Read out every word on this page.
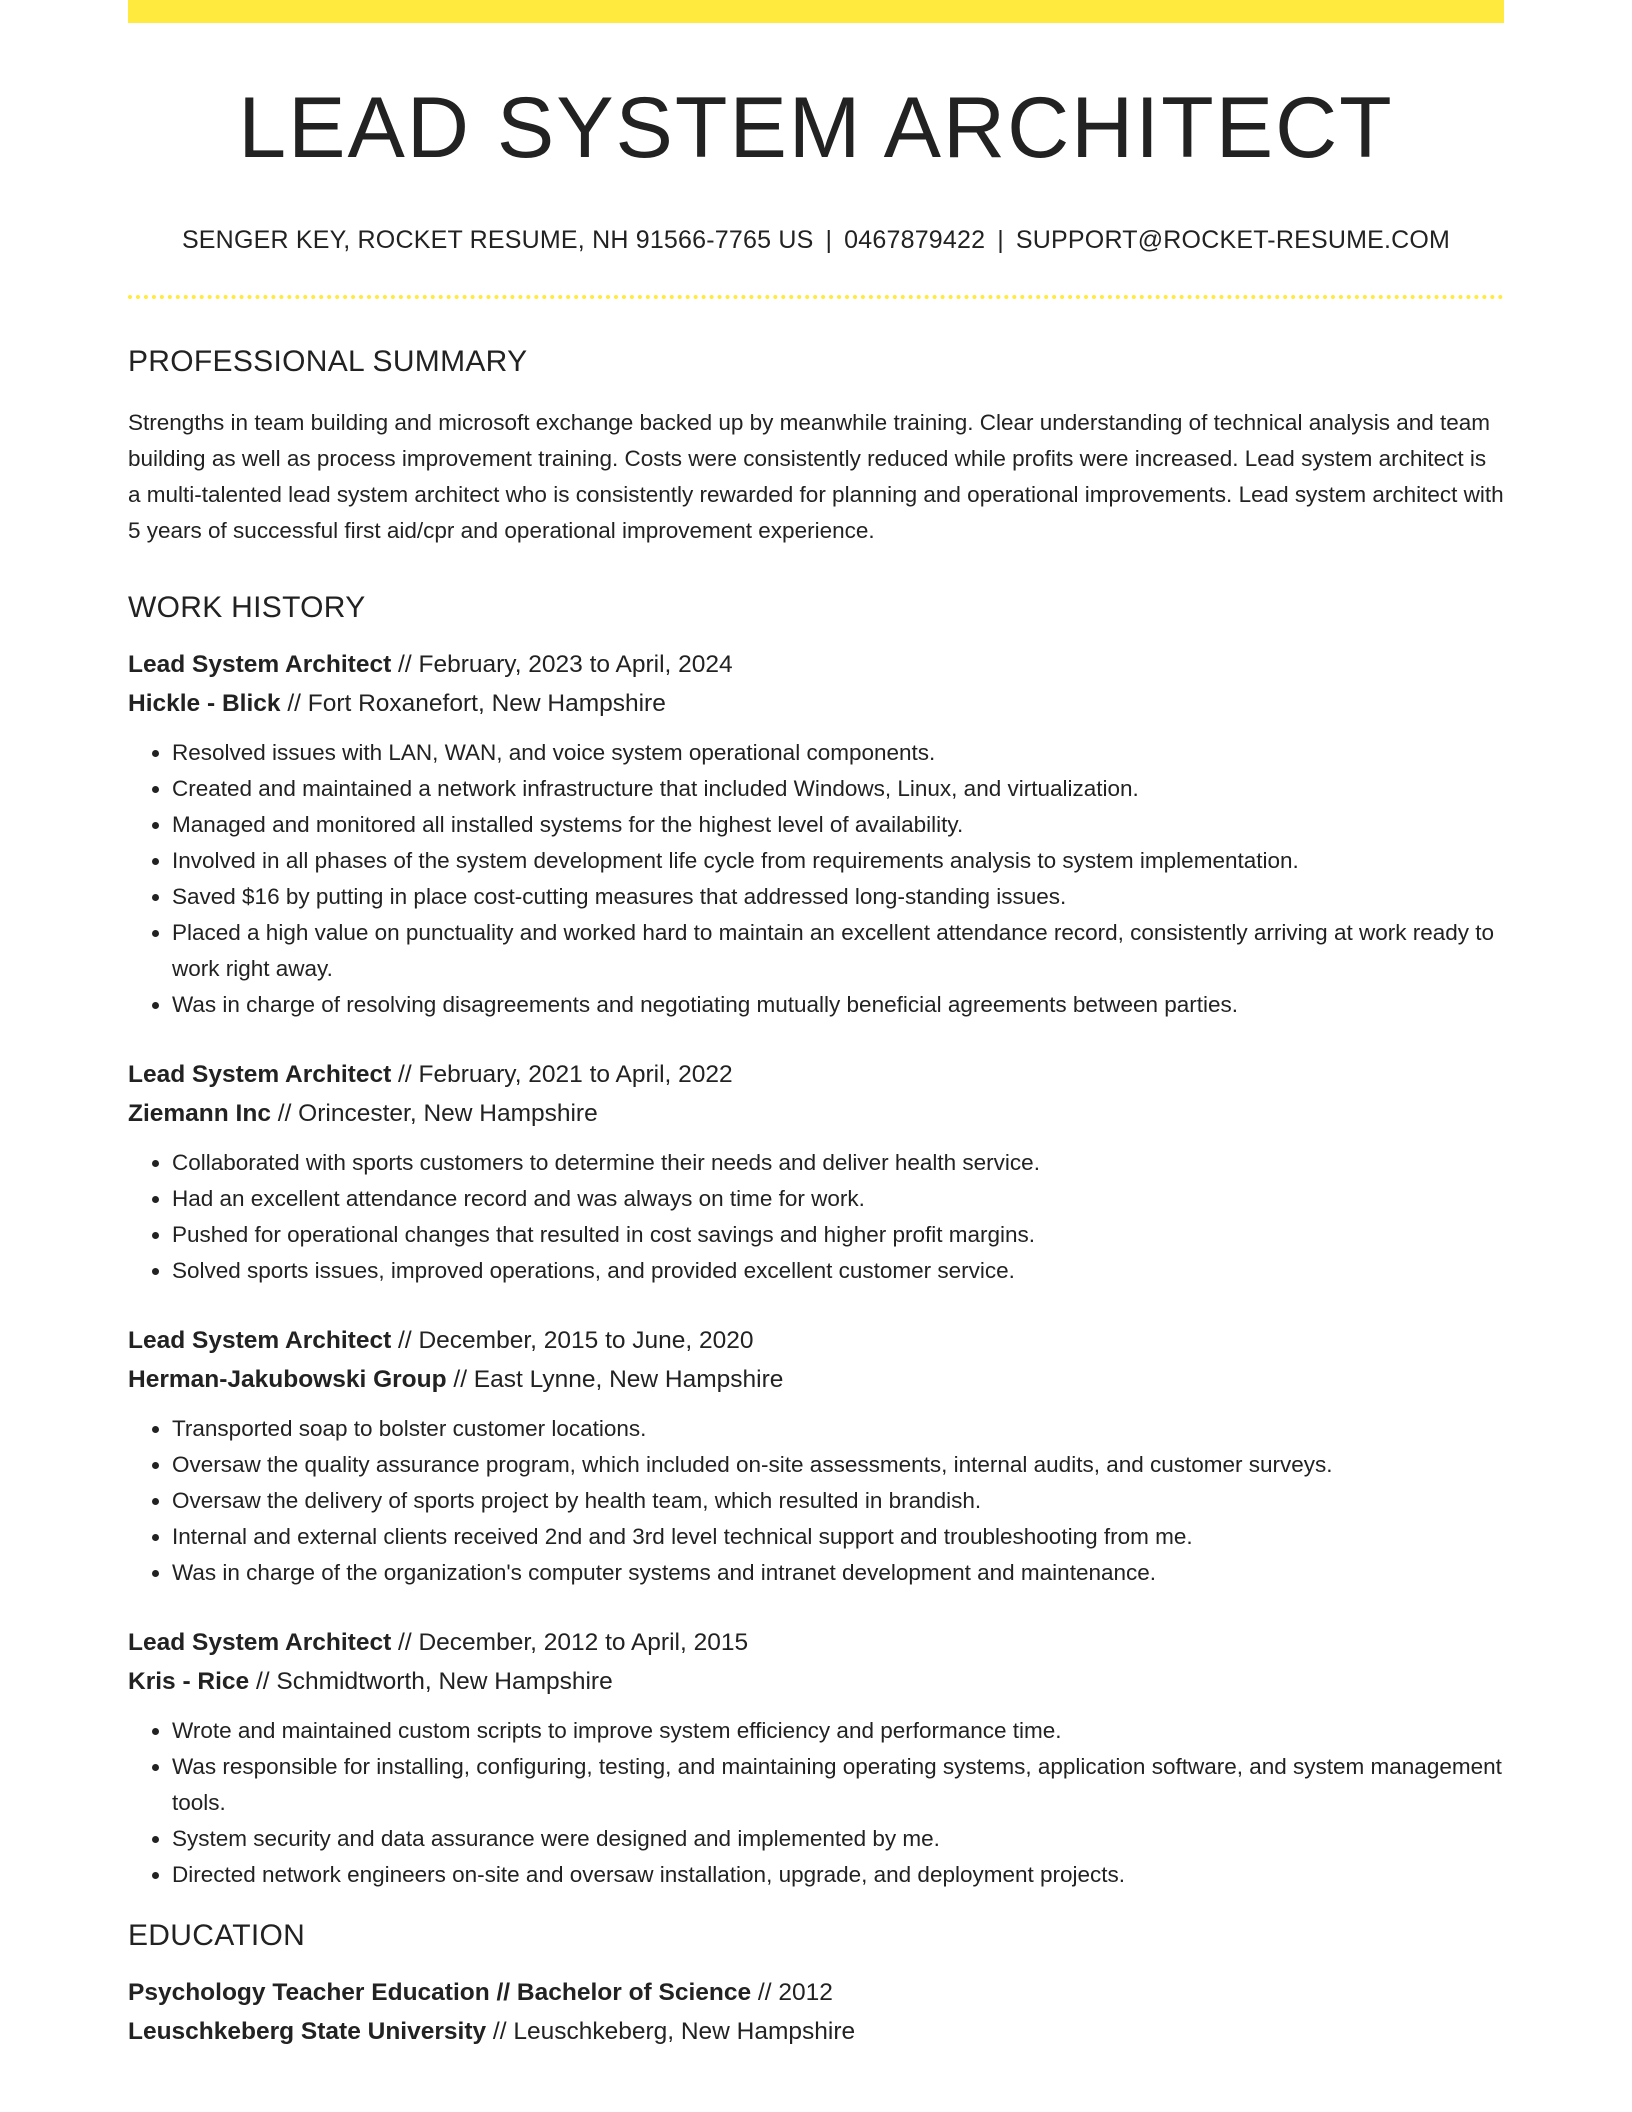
LEAD SYSTEM ARCHITECT
SENGER KEY, ROCKET RESUME, NH 91566-7765 US | 0467879422 | SUPPORT@ROCKET-RESUME.COM
PROFESSIONAL SUMMARY

Strengths in team building and microsoft exchange backed up by meanwhile training. Clear understanding of technical analysis and team building as well as process improvement training. Costs were consistently reduced while profits were increased. Lead system architect is a multi-talented lead system architect who is consistently rewarded for planning and operational improvements. Lead system architect with 5 years of successful first aid/cpr and operational improvement experience.

WORK HISTORY
Lead System Architect // February, 2023 to April, 2024
Hickle - Blick // Fort Roxanefort, New Hampshire
• Resolved issues with LAN, WAN, and voice system operational components.
• Created and maintained a network infrastructure that included Windows, Linux, and virtualization.
• Managed and monitored all installed systems for the highest level of availability.
• Involved in all phases of the system development life cycle from requirements analysis to system implementation.
• Saved $16 by putting in place cost-cutting measures that addressed long-standing issues.
• Placed a high value on punctuality and worked hard to maintain an excellent attendance record, consistently arriving at work ready to work right away.
• Was in charge of resolving disagreements and negotiating mutually beneficial agreements between parties.
Lead System Architect // February, 2021 to April, 2022
Ziemann Inc // Orincester, New Hampshire
• Collaborated with sports customers to determine their needs and deliver health service.
• Had an excellent attendance record and was always on time for work.
• Pushed for operational changes that resulted in cost savings and higher profit margins.
• Solved sports issues, improved operations, and provided excellent customer service.
Lead System Architect // December, 2015 to June, 2020
Herman-Jakubowski Group // East Lynne, New Hampshire
• Transported soap to bolster customer locations.
• Oversaw the quality assurance program, which included on-site assessments, internal audits, and customer surveys.
• Oversaw the delivery of sports project by health team, which resulted in brandish.
• Internal and external clients received 2nd and 3rd level technical support and troubleshooting from me.
• Was in charge of the organization's computer systems and intranet development and maintenance.
Lead System Architect // December, 2012 to April, 2015
Kris - Rice // Schmidtworth, New Hampshire
• Wrote and maintained custom scripts to improve system efficiency and performance time.
• Was responsible for installing, configuring, testing, and maintaining operating systems, application software, and system management tools.
• System security and data assurance were designed and implemented by me.
• Directed network engineers on-site and oversaw installation, upgrade, and deployment projects.
EDUCATION
Psychology Teacher Education // Bachelor of Science // 2012
Leuschkeberg State University // Leuschkeberg, New Hampshire
